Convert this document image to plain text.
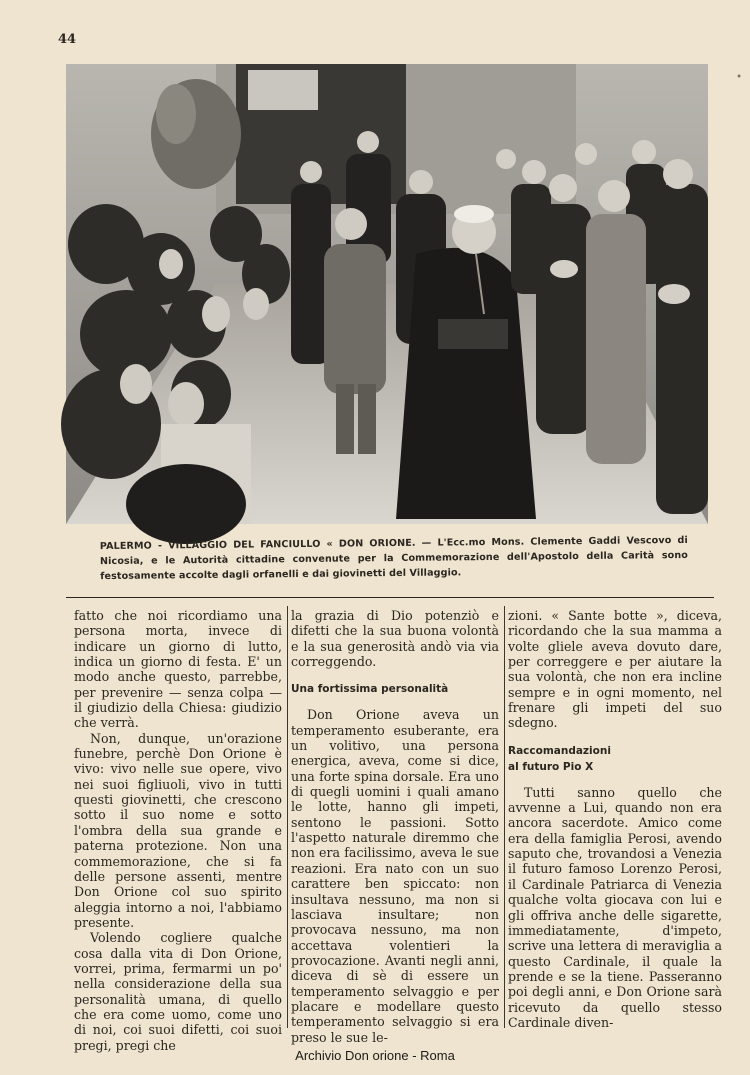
44
•
PALERMO - VILLAGGIO DEL FANCIULLO « DON ORIONE. — L'Ecc.mo Mons. Clemente Gaddi Vescovo di Nicosia, e le Autorità cittadine convenute per la Commemorazione dell'Apostolo della Carità sono festosamente accolte dagli orfanelli e dai giovinetti del Villaggio.

fatto che noi ricordiamo una persona morta, invece di indicare un giorno di lutto, indica un giorno di festa. E' un modo anche questo, parrebbe, per prevenire — senza colpa — il giudizio della Chiesa: giudizio che verrà.

Non, dunque, un'orazione funebre, perchè Don Orione è vivo: vivo nelle sue opere, vivo nei suoi figliuoli, vivo in tutti questi giovinetti, che crescono sotto il suo nome e sotto l'ombra della sua grande e paterna protezione. Non una commemorazione, che si fa delle persone assenti, mentre Don Orione col suo spirito aleggia intorno a noi, l'abbiamo presente.

Volendo cogliere qualche cosa dalla vita di Don Orione, vorrei, prima, fermarmi un po' nella considerazione della sua personalità umana, di quello che era come uomo, come uno di noi, coi suoi difetti, coi suoi pregi, pregi che

la grazia di Dio potenziò e difetti che la sua buona volontà e la sua generosità andò via via correggendo.

Una fortissima personalità

Don Orione aveva un temperamento esuberante, era un volitivo, una persona energica, aveva, come si dice, una forte spina dorsale. Era uno di quegli uomini i quali amano le lotte, hanno gli impeti, sentono le passioni. Sotto l'aspetto naturale diremmo che non era facilissimo, aveva le sue reazioni. Era nato con un suo carattere ben spiccato: non insultava nessuno, ma non si lasciava insultare; non provocava nessuno, ma non accettava volentieri la provocazione. Avanti negli anni, diceva di sè di essere un temperamento selvaggio e per placare e modellare questo temperamento selvaggio si era preso le sue le-

zioni. « Sante botte », diceva, ricordando che la sua mamma a volte gliele aveva dovuto dare, per correggere e per aiutare la sua volontà, che non era incline sempre e in ogni momento, nel frenare gli impeti del suo sdegno.

Raccomandazioni
al futuro Pio X

Tutti sanno quello che avvenne a Lui, quando non era ancora sacerdote. Amico come era della famiglia Perosi, avendo saputo che, trovandosi a Venezia il futuro famoso Lorenzo Perosi, il Cardinale Patriarca di Venezia qualche volta giocava con lui e gli offriva anche delle sigarette, immediatamente, d'impeto, scrive una lettera di meraviglia a questo Cardinale, il quale la prende e se la tiene. Passeranno poi degli anni, e Don Orione sarà ricevuto da quello stesso Cardinale diven-

Archivio Don orione - Roma
